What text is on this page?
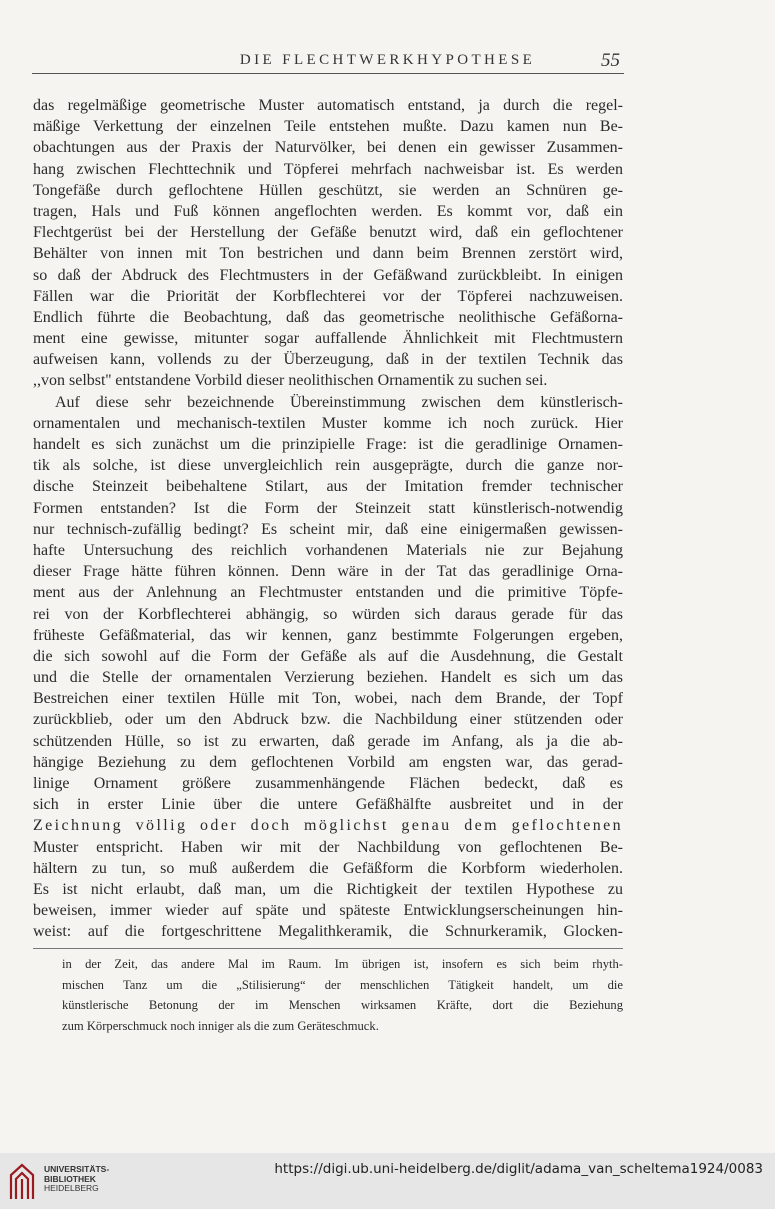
DIE FLECHTWERKHYPOTHESE	55
das regelmäßige geometrische Muster automatisch entstand, ja durch die regel-
mäßige Verkettung der einzelnen Teile entstehen mußte. Dazu kamen nun Be-
obachtungen aus der Praxis der Naturvölker, bei denen ein gewisser Zusammen-
hang zwischen Flechttechnik und Töpferei mehrfach nachweisbar ist. Es werden
Tongefäße durch geflochtene Hüllen geschützt, sie werden an Schnüren ge-
tragen, Hals und Fuß können angeflochten werden. Es kommt vor, daß ein
Flechtgerüst bei der Herstellung der Gefäße benutzt wird, daß ein geflochtener
Behälter von innen mit Ton bestrichen und dann beim Brennen zerstört wird,
so daß der Abdruck des Flechtmusters in der Gefäßwand zurückbleibt. In einigen
Fällen war die Priorität der Korbflechterei vor der Töpferei nachzuweisen.
Endlich führte die Beobachtung, daß das geometrische neolithische Gefäßorna-
ment eine gewisse, mitunter sogar auffallende Ähnlichkeit mit Flechtmustern
aufweisen kann, vollends zu der Überzeugung, daß in der textilen Technik das
,,von selbst'' entstandene Vorbild dieser neolithischen Ornamentik zu suchen sei.
Auf diese sehr bezeichnende Übereinstimmung zwischen dem künstlerisch-
ornamentalen und mechanisch-textilen Muster komme ich noch zurück. Hier
handelt es sich zunächst um die prinzipielle Frage: ist die geradlinige Ornamen-
tik als solche, ist diese unvergleichlich rein ausgeprägte, durch die ganze nor-
dische Steinzeit beibehaltene Stilart, aus der Imitation fremder technischer
Formen entstanden? Ist die Form der Steinzeit statt künstlerisch-notwendig
nur technisch-zufällig bedingt? Es scheint mir, daß eine einigermaßen gewissen-
hafte Untersuchung des reichlich vorhandenen Materials nie zur Bejahung
dieser Frage hätte führen können. Denn wäre in der Tat das geradlinige Orna-
ment aus der Anlehnung an Flechtmuster entstanden und die primitive Töpfe-
rei von der Korbflechterei abhängig, so würden sich daraus gerade für das
früheste Gefäßmaterial, das wir kennen, ganz bestimmte Folgerungen ergeben,
die sich sowohl auf die Form der Gefäße als auf die Ausdehnung, die Gestalt
und die Stelle der ornamentalen Verzierung beziehen. Handelt es sich um das
Bestreichen einer textilen Hülle mit Ton, wobei, nach dem Brande, der Topf
zurückblieb, oder um den Abdruck bzw. die Nachbildung einer stützenden oder
schützenden Hülle, so ist zu erwarten, daß gerade im Anfang, als ja die ab-
hängige Beziehung zu dem geflochtenen Vorbild am engsten war, das gerad-
linige Ornament größere zusammenhängende Flächen bedeckt, daß es
sich in erster Linie über die untere Gefäßhälfte ausbreitet und in der
Zeichnung völlig oder doch möglichst genau dem geflochtenen
Muster entspricht. Haben wir mit der Nachbildung von geflochtenen Be-
hältern zu tun, so muß außerdem die Gefäßform die Korbform wiederholen.
Es ist nicht erlaubt, daß man, um die Richtigkeit der textilen Hypothese zu
beweisen, immer wieder auf späte und späteste Entwicklungserscheinungen hin-
weist: auf die fortgeschrittene Megalithkeramik, die Schnurkeramik, Glocken-
in der Zeit, das andere Mal im Raum. Im übrigen ist, insofern es sich beim rhyth-
mischen Tanz um die „Stilisierung“ der menschlichen Tätigkeit handelt, um die
künstlerische Betonung der im Menschen wirksamen Kräfte, dort die Beziehung
zum Körperschmuck noch inniger als die zum Geräteschmuck.
UNIVERSITÄTS-
BIBLIOTHEK
HEIDELBERG
https://digi.ub.uni-heidelberg.de/diglit/adama_van_scheltema1924/0083
